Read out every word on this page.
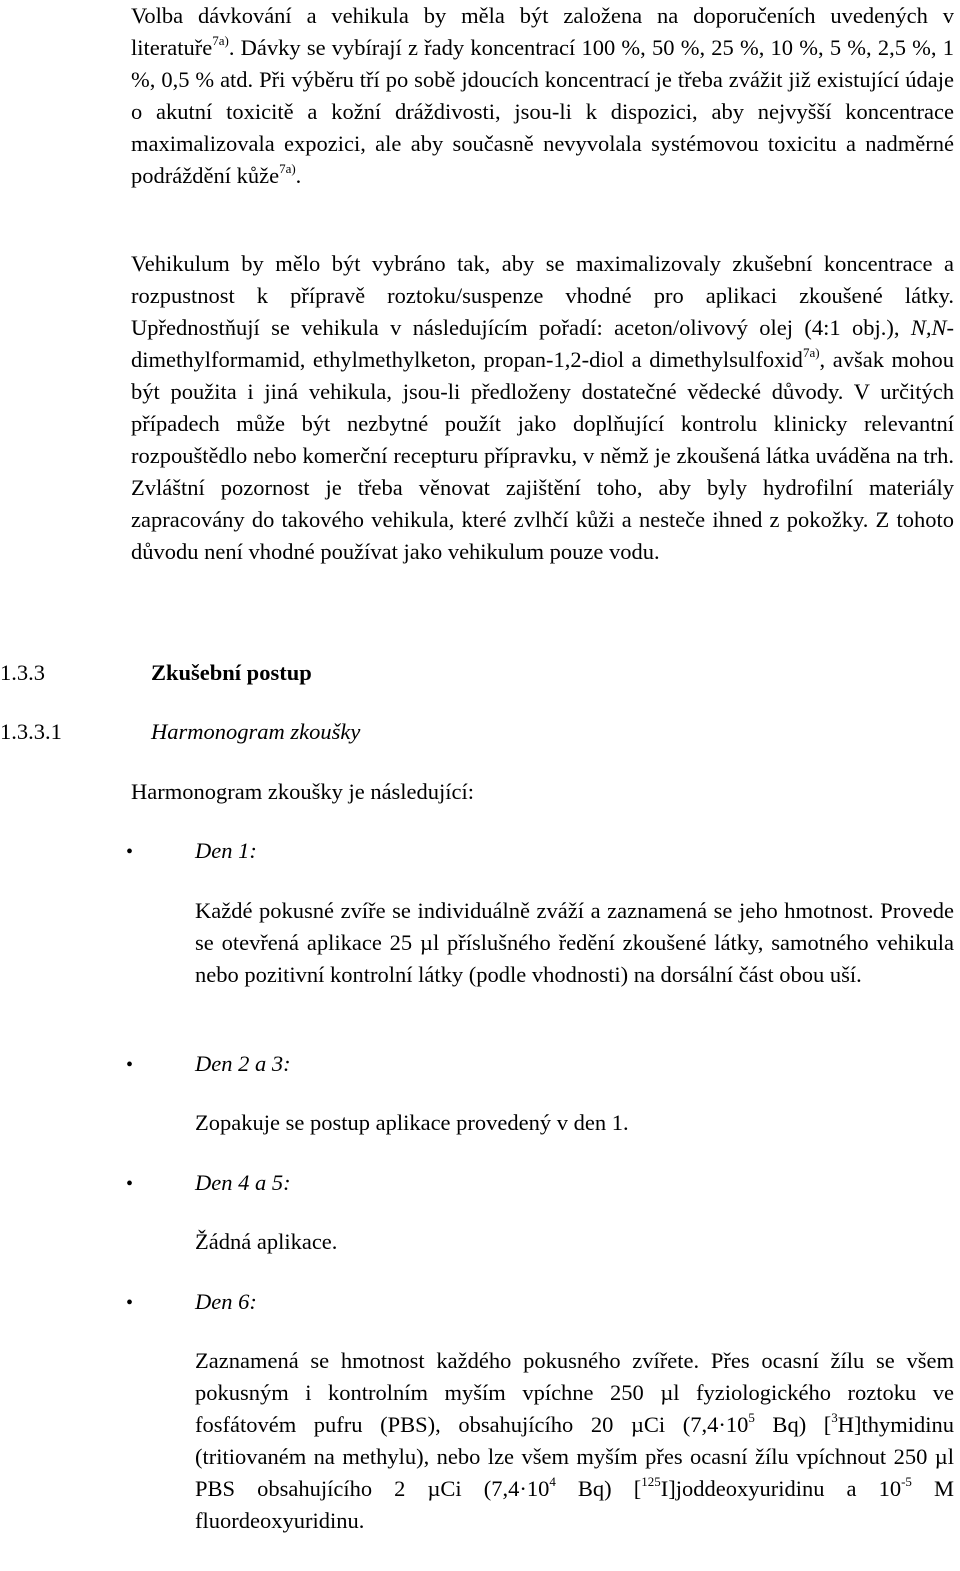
Volba dávkování a vehikula by měla být založena na doporučeních uvedených v literatuře$^{7a)}$. Dávky se vybírají z řady koncentrací 100 %, 50 %, 25 %, 10 %, 5 %, 2,5 %, 1 %, 0,5 % atd. Při výběru tří po sobě jdoucích koncentrací je třeba zvážit již existující údaje o akutní toxicitě a kožní dráždivosti, jsou-li k dispozici, aby nejvyšší koncentrace maximalizovala expozici, ale aby současně nevyvolala systémovou toxicitu a nadměrné podráždění kůže$^{7a)}$.

Vehikulum by mělo být vybráno tak, aby se maximalizovaly zkušební koncentrace a rozpustnost k přípravě roztoku/suspenze vhodné pro aplikaci zkoušené látky. Upřednostňují se vehikula v následujícím pořadí: aceton/olivový olej (4:1 obj.), N,N-dimethylformamid, ethylmethylketon, propan-1,2-diol a dimethylsulfoxid$^{7a)}$, avšak mohou být použita i jiná vehikula, jsou-li předloženy dostatečné vědecké důvody. V určitých případech může být nezbytné použít jako doplňující kontrolu klinicky relevantní rozpouštědlo nebo komerční recepturu přípravku, v němž je zkoušená látka uváděna na trh. Zvláštní pozornost je třeba věnovat zajištění toho, aby byly hydrofilní materiály zapracovány do takového vehikula, které zvlhčí kůži a nesteče ihned z pokožky. Z tohoto důvodu není vhodné používat jako vehikulum pouze vodu.

1.3.3	Zkušební postup

1.3.3.1	Harmonogram zkoušky

Harmonogram zkoušky je následující:

•	Den 1:

Každé pokusné zvíře se individuálně zváží a zaznamená se jeho hmotnost. Provede se otevřená aplikace 25 µl příslušného ředění zkoušené látky, samotného vehikula nebo pozitivní kontrolní látky (podle vhodnosti) na dorsální část obou uší.

•	Den 2 a 3:

Zopakuje se postup aplikace provedený v den 1.

•	Den 4 a 5:

Žádná aplikace.

•	Den 6:

Zaznamená se hmotnost každého pokusného zvířete. Přes ocasní žílu se všem pokusným i kontrolním myším vpíchne 250 µl fyziologického roztoku ve fosfátovém pufru (PBS), obsahujícího 20 µCi ($7,4\cdot 10^5$ Bq) [$^3$H]thymidinu (tritiovaném na methylu), nebo lze všem myším přes ocasní žílu vpíchnout 250 µl PBS obsahujícího 2 µCi ($7,4\cdot 10^4$ Bq) [$^{125}$I]joddeoxyuridinu a $10^{-5}$ M fluordeoxyuridinu.
